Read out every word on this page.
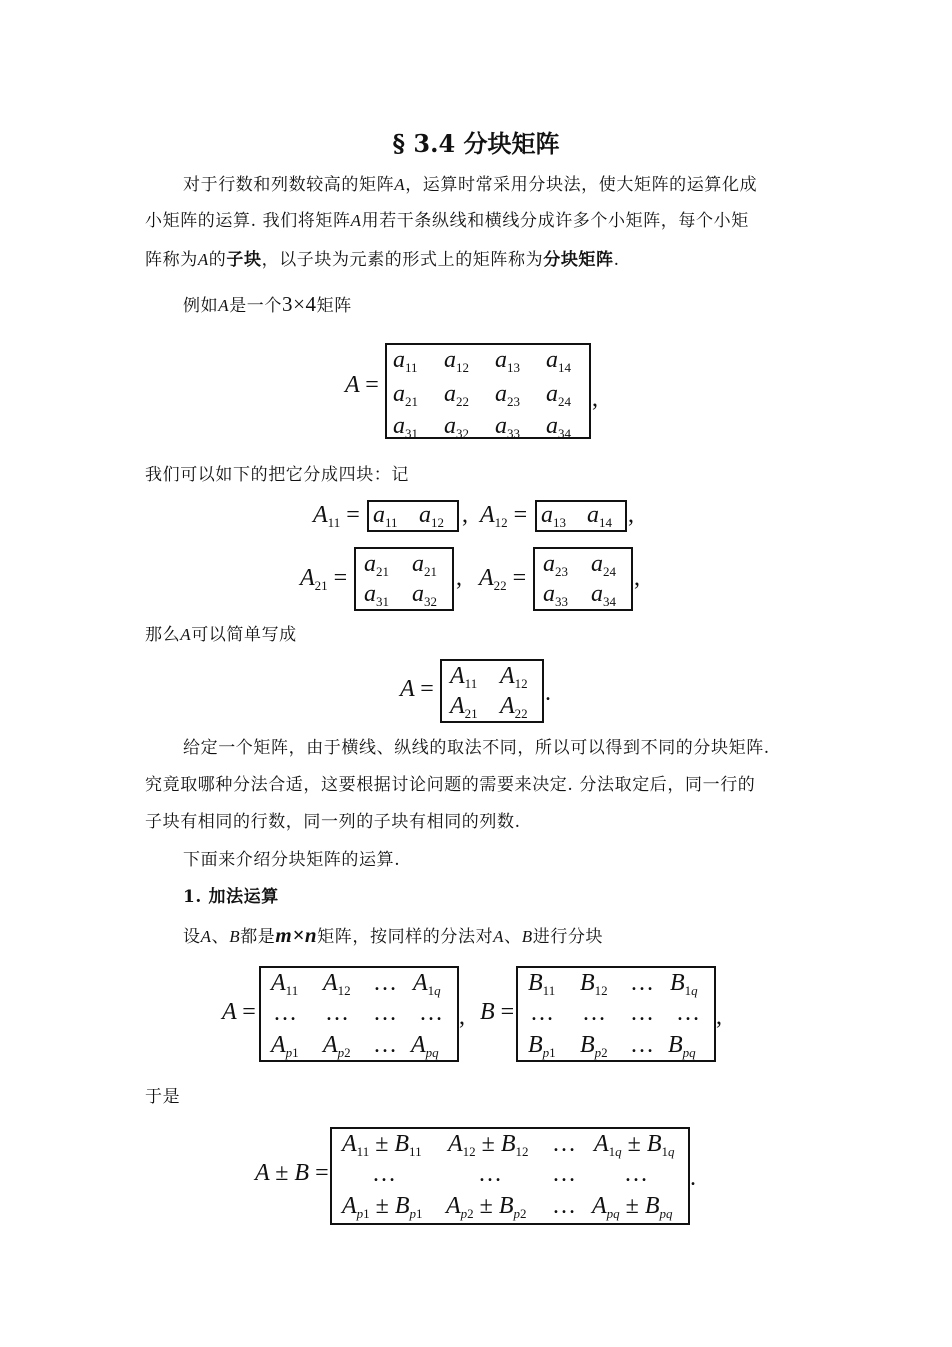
§ 3.4 分块矩阵
对于行数和列数较高的矩阵A，运算时常采用分块法，使大矩阵的运算化成
小矩阵的运算. 我们将矩阵A用若干条纵线和横线分成许多个小矩阵，每个小矩
阵称为A的子块，以子块为元素的形式上的矩阵称为分块矩阵.
例如A是一个3×4矩阵
A =
$a_{11}$ $a_{12}$ $a_{13}$ $a_{14}$
$a_{21}$ $a_{22}$ $a_{23}$ $a_{24}$
$a_{31}$ $a_{32}$ $a_{33}$ $a_{34}$
,
我们可以如下的把它分成四块：记
$A_{11} = a_{11}$ $a_{12}$ , $A_{12} = a_{13}$ $a_{14}$ ,
$A_{21}$ =
$a_{21}$ $a_{21}$
$a_{31}$ $a_{32}$
, $A_{22}$ =
$a_{23}$ $a_{24}$
$a_{33}$ $a_{34}$
,
那么A可以简单写成
$A = A_{11}$ $A_{12}$
$A_{21}$ $A_{22}$
.
给定一个矩阵，由于横线、纵线的取法不同，所以可以得到不同的分块矩阵.
究竟取哪种分法合适，这要根据讨论问题的需要来决定. 分法取定后，同一行的
子块有相同的行数，同一列的子块有相同的列数.
下面来介绍分块矩阵的运算.
1. 加法运算
设A、B都是m×n矩阵，按同样的分法对A、B进行分块
A =
$A_{11}$ $A_{12}$ … $A_{1q}$
… … … …
$A_{p1}$ $A_{p2}$ … $A_{pq}$
, B =
$B_{11}$ $B_{12}$ … $B_{1q}$
… … … …
$B_{p1}$ $B_{p2}$ … $B_{pq}$
,
于是
A ± B =
$A_{11} \pm B_{11}$ $A_{12} \pm B_{12}$ … $A_{1q} \pm B_{1q}$
…	… … …
$A_{p1} \pm B_{p1}$ $A_{p2} \pm B_{p2}$ … $A_{pq} \pm B_{pq}$
.
